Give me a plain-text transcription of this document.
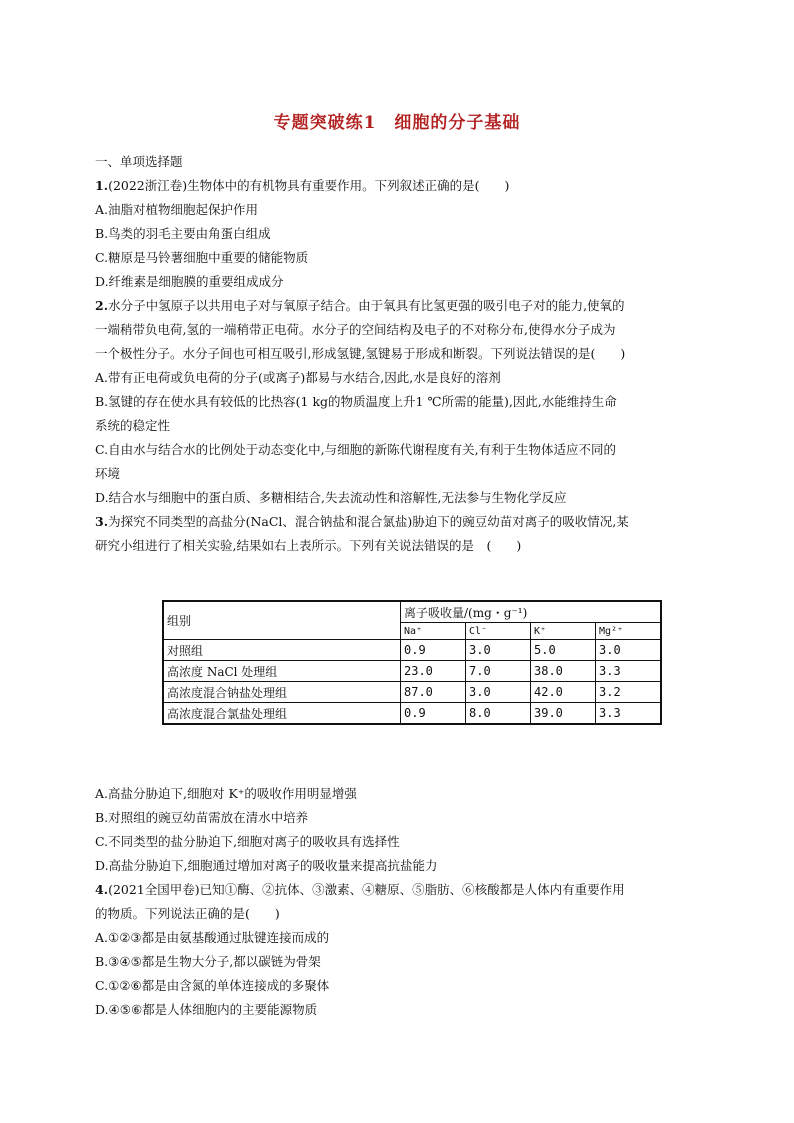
专题突破练1　细胞的分子基础
一、单项选择题
1.(2022浙江卷)生物体中的有机物具有重要作用。下列叙述正确的是(　　)
A.油脂对植物细胞起保护作用
B.鸟类的羽毛主要由角蛋白组成
C.糖原是马铃薯细胞中重要的储能物质
D.纤维素是细胞膜的重要组成成分
2.水分子中氢原子以共用电子对与氧原子结合。由于氧具有比氢更强的吸引电子对的能力,使氧的
一端稍带负电荷,氢的一端稍带正电荷。水分子的空间结构及电子的不对称分布,使得水分子成为
一个极性分子。水分子间也可相互吸引,形成氢键,氢键易于形成和断裂。下列说法错误的是(　　)
A.带有正电荷或负电荷的分子(或离子)都易与水结合,因此,水是良好的溶剂
B.氢键的存在使水具有较低的比热容(1 kg的物质温度上升1 ℃所需的能量),因此,水能维持生命
系统的稳定性
C.自由水与结合水的比例处于动态变化中,与细胞的新陈代谢程度有关,有利于生物体适应不同的
环境
D.结合水与细胞中的蛋白质、多糖相结合,失去流动性和溶解性,无法参与生物化学反应
3.为探究不同类型的高盐分(NaCl、混合钠盐和混合氯盐)胁迫下的豌豆幼苗对离子的吸收情况,某
研究小组进行了相关实验,结果如右上表所示。下列有关说法错误的是　(　　)
组别	离子吸收量/(mg・g⁻¹)			
	Na⁺	Cl⁻	K⁺	Mg²⁺
对照组	0.9	3.0	5.0	3.0
高浓度 NaCl 处理组	23.0	7.0	38.0	3.3
高浓度混合钠盐处理组	87.0	3.0	42.0	3.2
高浓度混合氯盐处理组	0.9	8.0	39.0	3.3
A.高盐分胁迫下,细胞对 K⁺的吸收作用明显增强
B.对照组的豌豆幼苗需放在清水中培养
C.不同类型的盐分胁迫下,细胞对离子的吸收具有选择性
D.高盐分胁迫下,细胞通过增加对离子的吸收量来提高抗盐能力
4.(2021全国甲卷)已知①酶、②抗体、③激素、④糖原、⑤脂肪、⑥核酸都是人体内有重要作用
的物质。下列说法正确的是(　　)
A.①②③都是由氨基酸通过肽键连接而成的
B.③④⑤都是生物大分子,都以碳链为骨架
C.①②⑥都是由含氮的单体连接成的多聚体
D.④⑤⑥都是人体细胞内的主要能源物质
